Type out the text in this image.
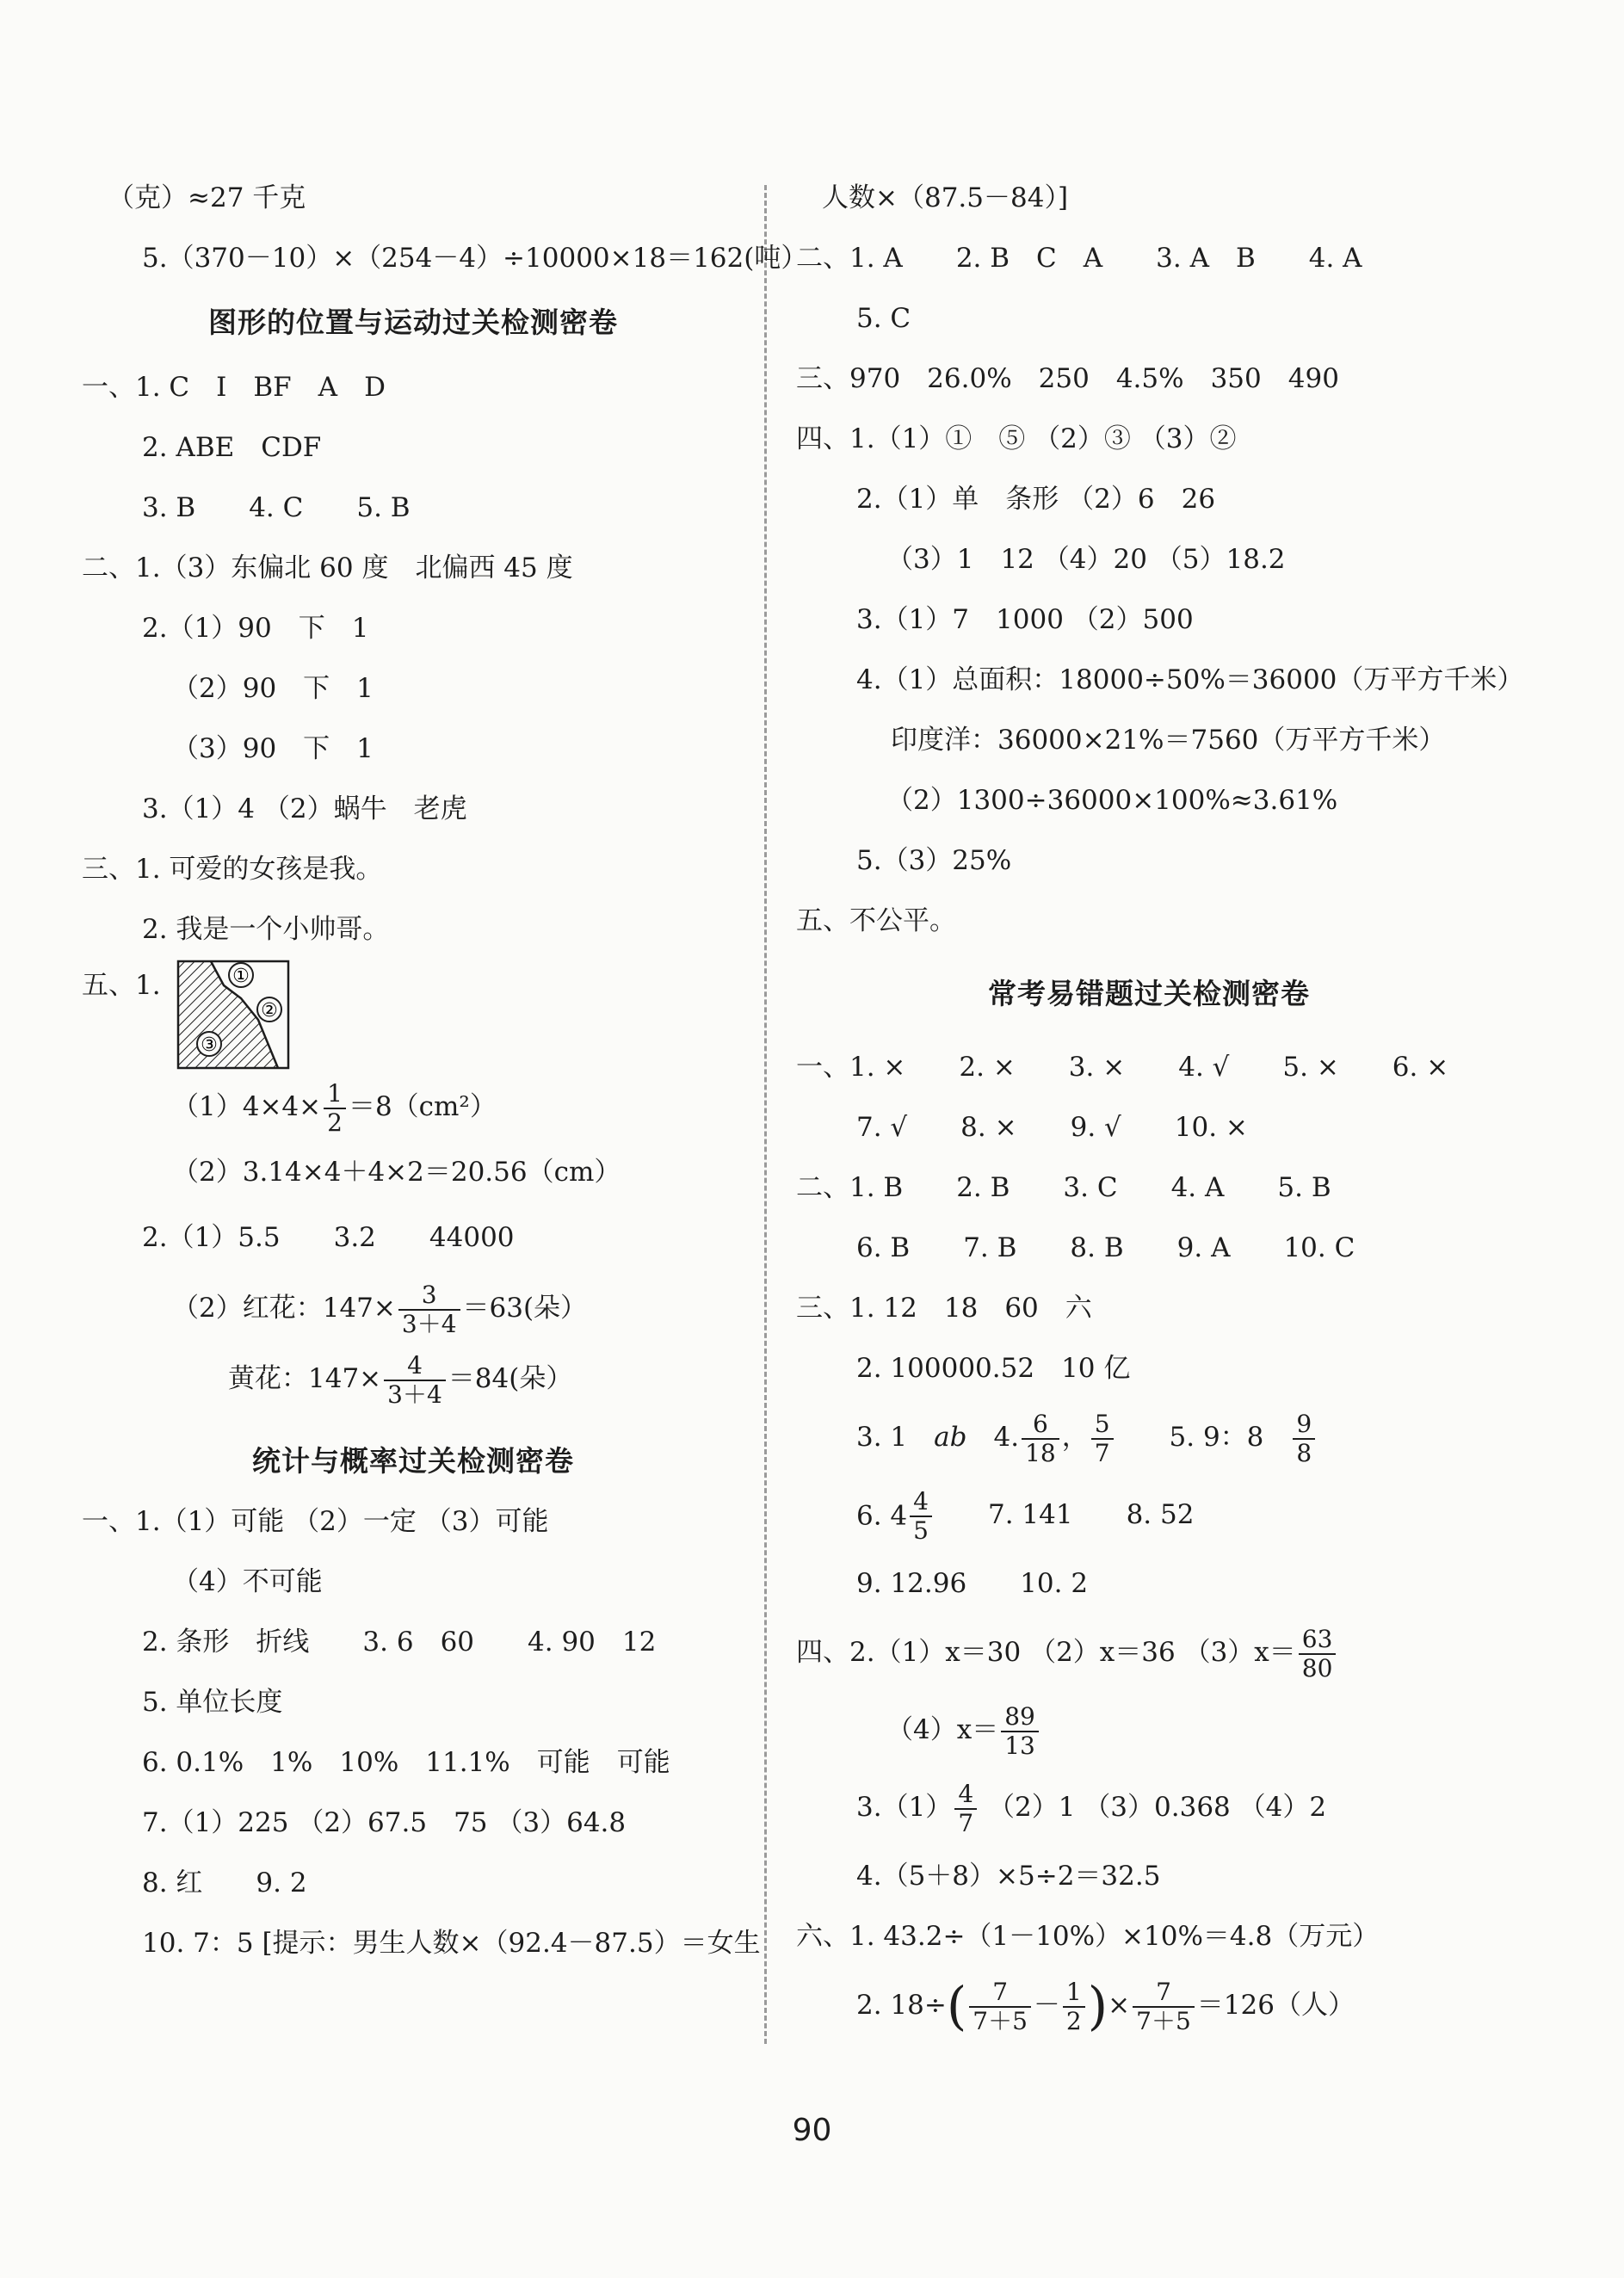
（克）≈27 千克
5.（370－10）×（254－4）÷10000×18＝162(吨）
图形的位置与运动过关检测密卷
一、1. C　I　BF　A　D
2. ABE　CDF
3. B　　4. C　　5. B
二、1.（3）东偏北 60 度　北偏西 45 度
2.（1）90　下　1
（2）90　下　1
（3）90　下　1
3.（1）4 （2）蜗牛　老虎
三、1. 可爱的女孩是我。
2. 我是一个小帅哥。
五、1.	①
②
③
$(1)4\times 4\times \frac{1}{2} =8(cm^2)$
（2）3.14×4＋4×2＝20.56（cm）
2.（1）5.5　　3.2　　44000
（2）红花：$147\times \frac{3}{3+4} =63$(朵）
黄花：$147\times \frac{4}{3+4} =84$(朵）
统计与概率过关检测密卷
一、1.（1）可能 （2）一定 （3）可能
（4）不可能
2. 条形　折线　　3. 6　60　　4. 90　12
5. 单位长度
6. 0.1%　1%　10%　11.1%　可能　可能
7.（1）225 （2）67.5　75 （3）64.8
8. 红　　9. 2
10. 7：5 [提示：男生人数×（92.4－87.5）＝女生
人数×（87.5－84）]
二、1. A　　2. B　C　A　　3. A　B　　4. A
5. C
三、970　26.0%　250　4.5%　350　490
四、1.（1）①　⑤ （2）③ （3）②
2.（1）单　条形 （2）6　26
（3）1　12 （4）20 （5）18.2
3.（1）7　1000 （2）500
4.（1）总面积：18000÷50%＝36000（万平方千米）
印度洋：36000×21%＝7560（万平方千米）
（2）1300÷36000×100%≈3.61%
5.（3）25%
五、不公平。
常考易错题过关检测密卷
一、1. ×　　2. ×　　3. ×　　4. √　　5. ×　　6. ×
7. √　　8. ×　　9. √　　10. ×
二、1. B　　2. B　　3. C　　4. A　　5. B
6. B　　7. B　　8. B　　9. A　　10. C
三、1. 12　18　60　六
2. 100000.52　10 亿
3. 1　ab　4. $\frac{6}{18}$ ， $\frac{5}{7}$ 　　5. 9：8　 $\frac{9}{8}$
6. $4 \frac{4}{5}$ 　　7. 141　　8. 52
9. 12.96　　10. 2
四、2.（1）x＝30 （2）x＝36 $(3)x= \frac{63}{80}$
$(4)x= \frac{89}{13}$
$3.(1) \frac{4}{7} (2)1$ （3）0.368 （4）2
4.（5＋8）×5÷2＝32.5
六、1. 43.2÷（1－10%）×10%＝4.8（万元）
2. $18\div( \frac{7}{7+5} - \frac{1}{2}$ )× $\frac{7}{7+5} =126$（人）
90
